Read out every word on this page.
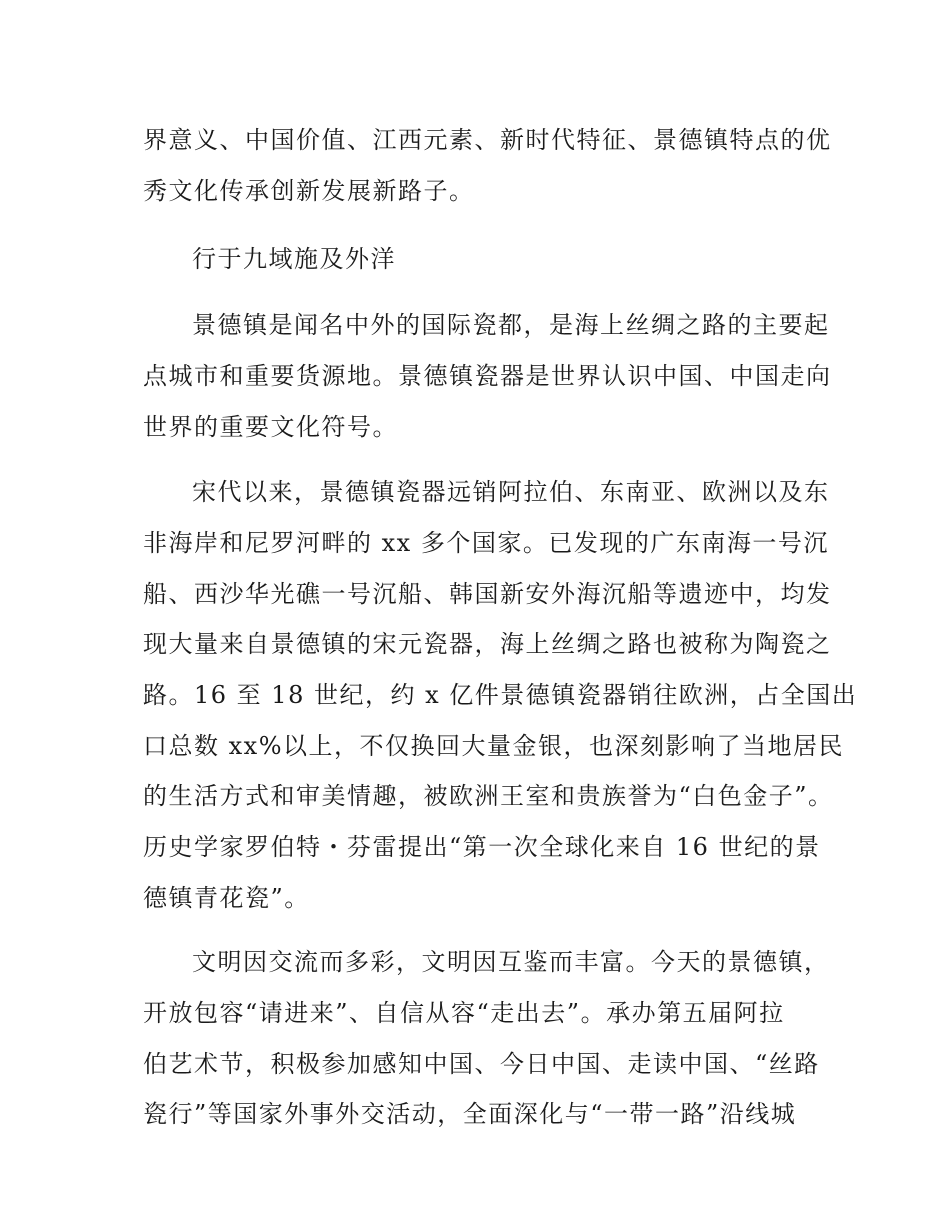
界意义、中国价值、江西元素、新时代特征、景德镇特点的优
秀文化传承创新发展新路子。
行于九域施及外洋
景德镇是闻名中外的国际瓷都，是海上丝绸之路的主要起
点城市和重要货源地。景德镇瓷器是世界认识中国、中国走向
世界的重要文化符号。
宋代以来，景德镇瓷器远销阿拉伯、东南亚、欧洲以及东
非海岸和尼罗河畔的 xx 多个国家。已发现的广东南海一号沉
船、西沙华光礁一号沉船、韩国新安外海沉船等遗迹中，均发
现大量来自景德镇的宋元瓷器，海上丝绸之路也被称为陶瓷之
路。16 至 18 世纪，约 x 亿件景德镇瓷器销往欧洲，占全国出
口总数 xx%以上，不仅换回大量金银，也深刻影响了当地居民
的生活方式和审美情趣，被欧洲王室和贵族誉为“白色金子”。
历史学家罗伯特・芬雷提出“第一次全球化来自 16 世纪的景
德镇青花瓷”。
文明因交流而多彩，文明因互鉴而丰富。今天的景德镇，
开放包容“请进来”、自信从容“走出去”。承办第五届阿拉
伯艺术节，积极参加感知中国、今日中国、走读中国、“丝路
瓷行”等国家外事外交活动，全面深化与“一带一路”沿线城
